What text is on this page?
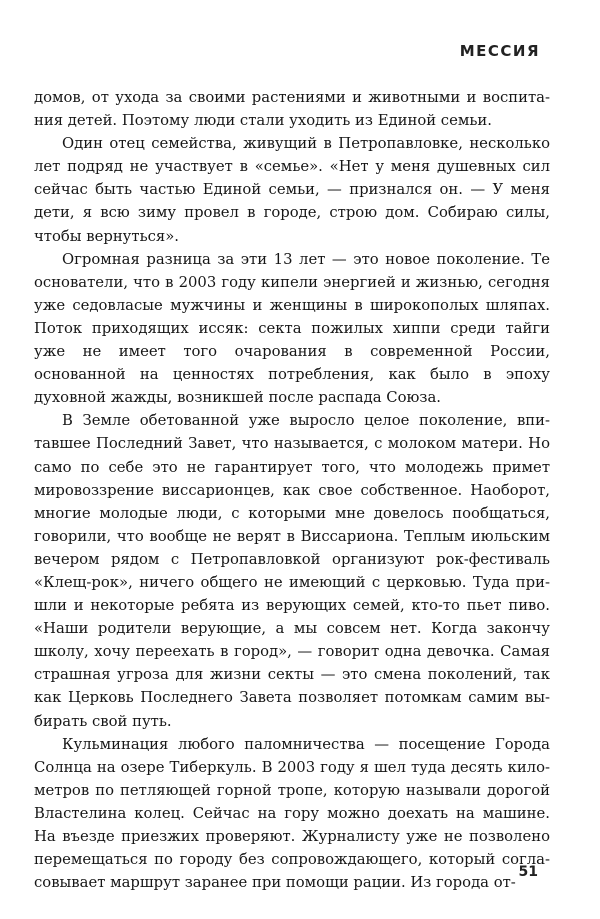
МЕССИЯ

домов, от ухода за своими растениями и животными и воспитания детей. Поэтому люди стали уходить из Единой семьи.

Один отец семейства, живущий в Петропавловке, несколько лет подряд не участвует в «семье». «Нет у меня душевных сил сейчас быть частью Единой семьи, — признался он. — У меня дети, я всю зиму провел в городе, строю дом. Собираю силы, чтобы вернуться».

Огромная разница за эти 13 лет — это новое поколение. Те основатели, что в 2003 году кипели энергией и жизнью, сегодня уже седовласые мужчины и женщины в широкополых шляпах. Поток приходящих иссяк: секта пожилых хиппи среди тайги уже не имеет того очарования в современной России, основанной на ценностях потребления, как было в эпоху духовной жажды, возникшей после распада Союза.

В Земле обетованной уже выросло целое поколение, впитавшее Последний Завет, что называется, с молоком матери. Но само по себе это не гарантирует того, что молодежь примет мировоззрение виссарионцев, как свое собственное. Наоборот, многие молодые люди, с которыми мне довелось пообщаться, говорили, что вообще не верят в Виссариона. Теплым июльским вечером рядом с Петропавловкой организуют рок-фестиваль «Клещ-рок», ничего общего не имеющий с церковью. Туда пришли и некоторые ребята из верующих семей, кто-то пьет пиво. «Наши родители верующие, а мы совсем нет. Когда закончу школу, хочу переехать в город», — говорит одна девочка. Самая страшная угроза для жизни секты — это смена поколений, так как Церковь Последнего Завета позволяет потомкам самим выбирать свой путь.

Кульминация любого паломничества — посещение Города Солнца на озере Тиберкуль. В 2003 году я шел туда десять километров по петляющей горной тропе, которую называли дорогой Властелина колец. Сейчас на гору можно доехать на машине. На въезде приезжих проверяют. Журналисту уже не позволено перемещаться по городу без сопровождающего, который согласовывает маршрут заранее при помощи рации. Из города от-

51
